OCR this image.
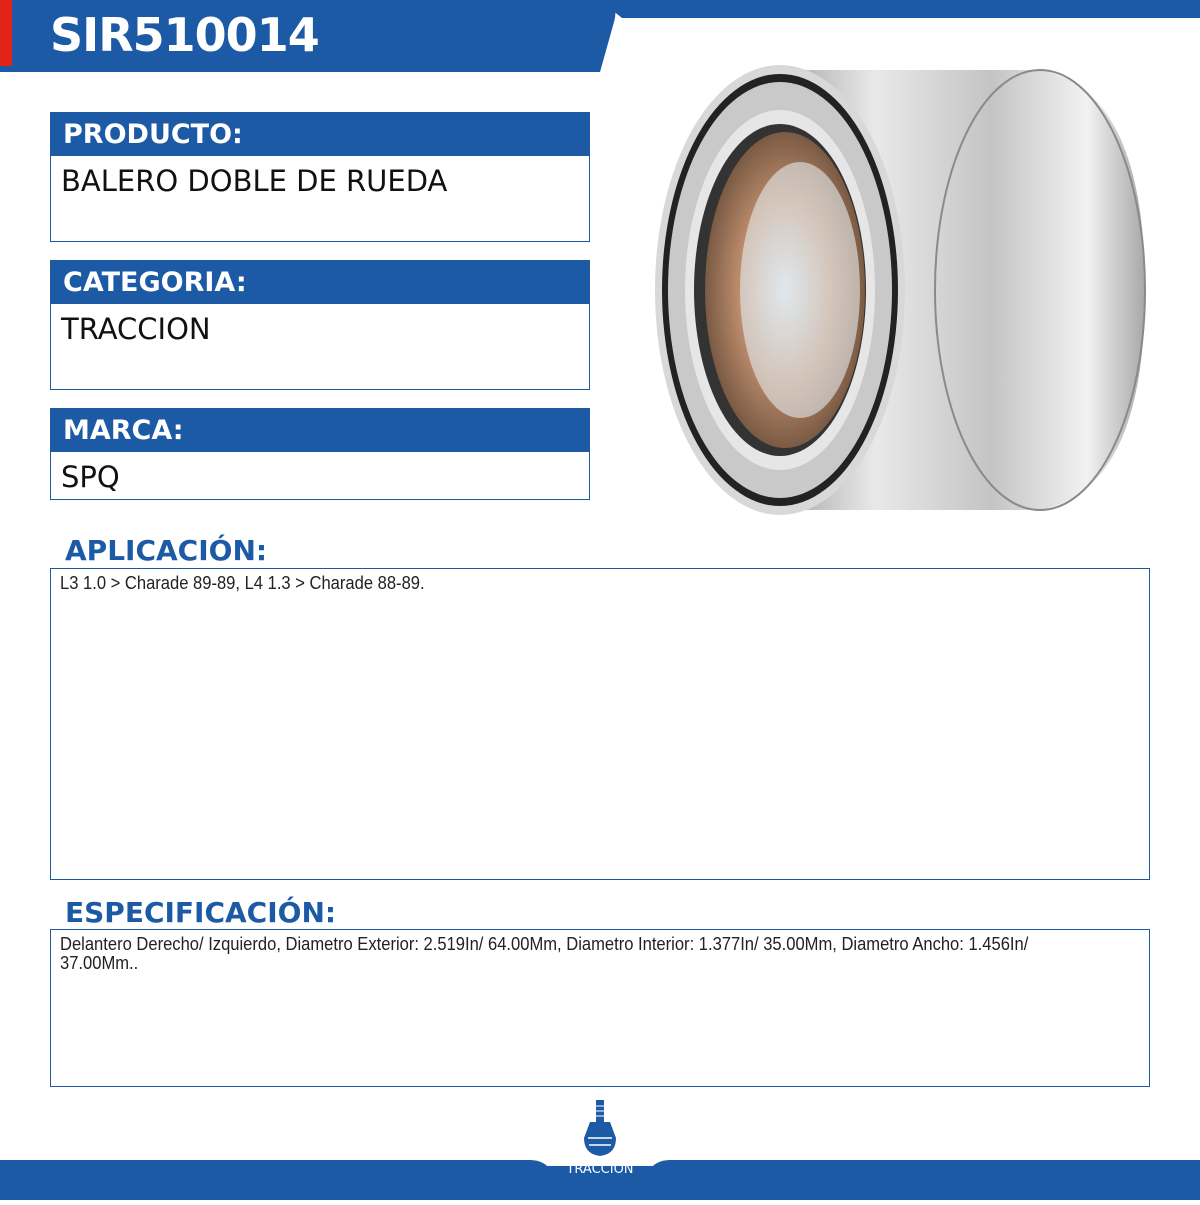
SIR510014
PRODUCTO:
BALERO DOBLE DE RUEDA
CATEGORIA:
TRACCION
MARCA:
SPQ
APLICACIÓN:
L3 1.0 > Charade 89-89, L4 1.3 > Charade 88-89.
ESPECIFICACIÓN:
Delantero Derecho/ Izquierdo, Diametro Exterior: 2.519In/ 64.00Mm, Diametro Interior: 1.377In/ 35.00Mm, Diametro Ancho: 1.456In/ 37.00Mm..
TRACCIÓN
